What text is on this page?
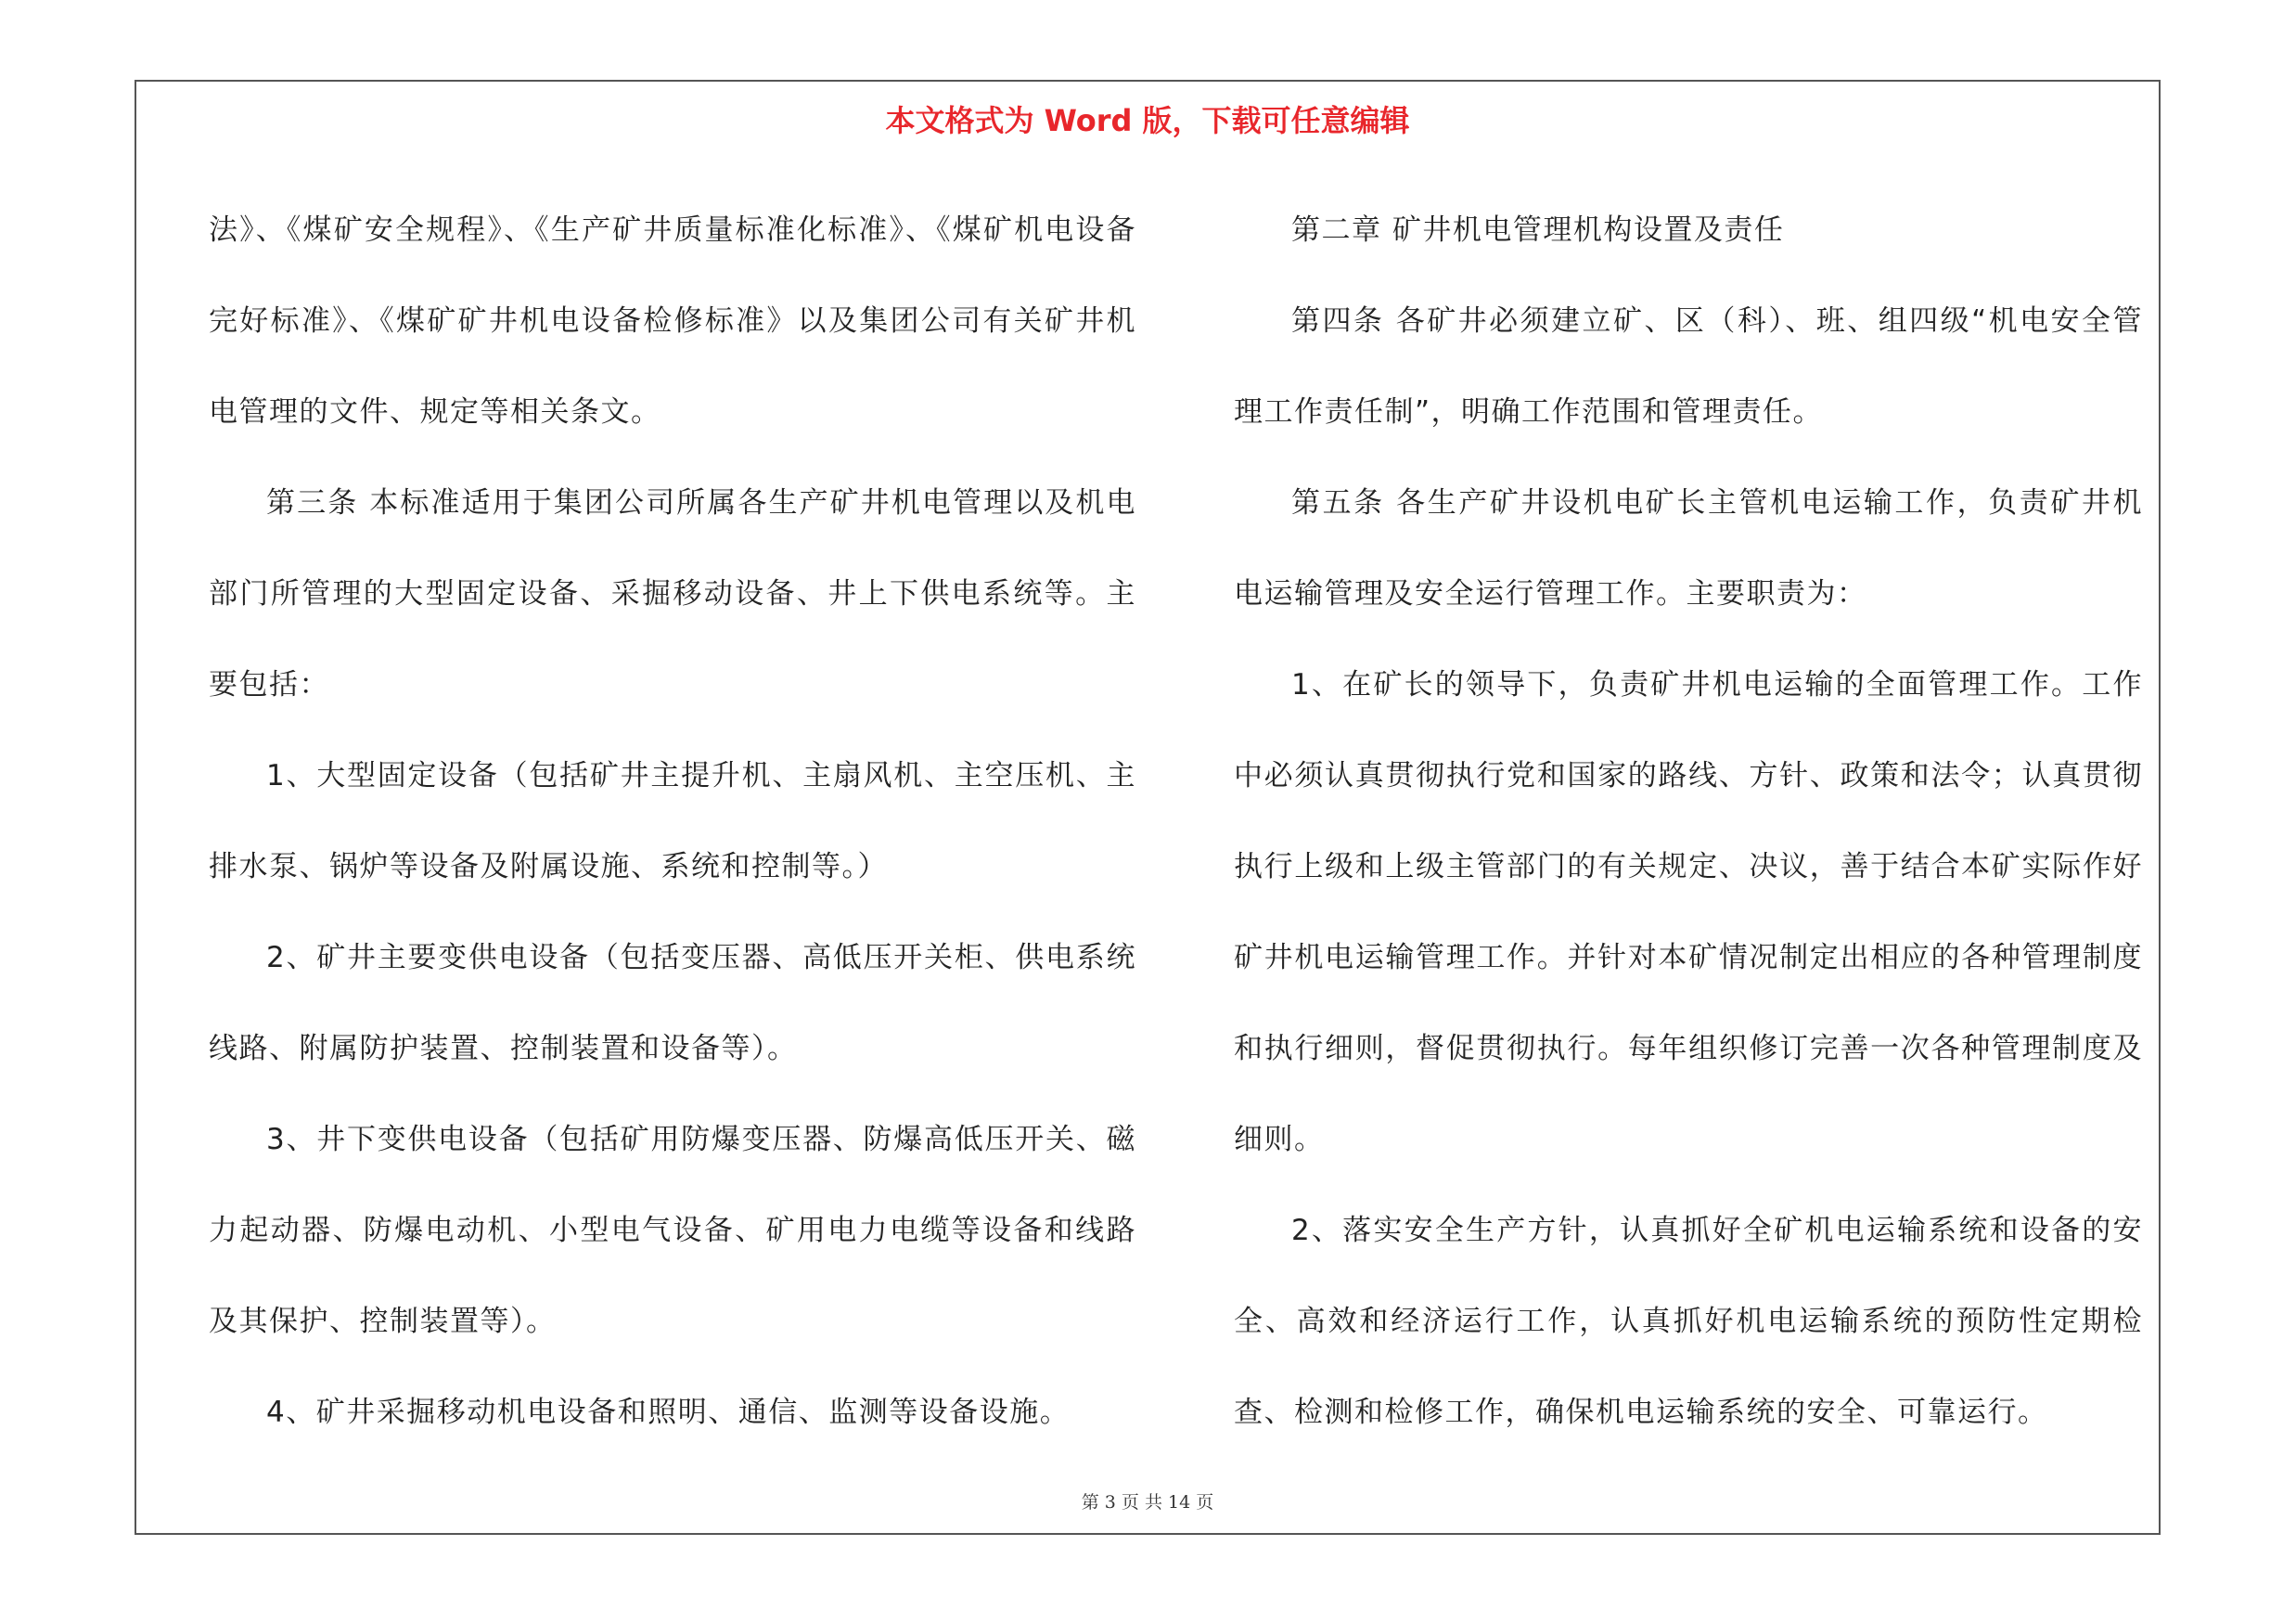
本文格式为 Word 版，下载可任意编辑

法》、《煤矿安全规程》、《生产矿井质量标准化标准》、《煤矿机电设备完好标准》、《煤矿矿井机电设备检修标准》以及集团公司有关矿井机电管理的文件、规定等相关条文。

第三条 本标准适用于集团公司所属各生产矿井机电管理以及机电部门所管理的大型固定设备、采掘移动设备、井上下供电系统等。主要包括：

1、大型固定设备（包括矿井主提升机、主扇风机、主空压机、主排水泵、锅炉等设备及附属设施、系统和控制等。）

2、矿井主要变供电设备（包括变压器、高低压开关柜、供电系统线路、附属防护装置、控制装置和设备等）。

3、井下变供电设备（包括矿用防爆变压器、防爆高低压开关、磁力起动器、防爆电动机、小型电气设备、矿用电力电缆等设备和线路及其保护、控制装置等）。

4、矿井采掘移动机电设备和照明、通信、监测等设备设施。

第二章 矿井机电管理机构设置及责任

第四条 各矿井必须建立矿、区（科）、班、组四级“机电安全管理工作责任制”，明确工作范围和管理责任。

第五条 各生产矿井设机电矿长主管机电运输工作，负责矿井机电运输管理及安全运行管理工作。主要职责为：

1、在矿长的领导下，负责矿井机电运输的全面管理工作。工作中必须认真贯彻执行党和国家的路线、方针、政策和法令；认真贯彻执行上级和上级主管部门的有关规定、决议，善于结合本矿实际作好矿井机电运输管理工作。并针对本矿情况制定出相应的各种管理制度和执行细则，督促贯彻执行。每年组织修订完善一次各种管理制度及细则。

2、落实安全生产方针，认真抓好全矿机电运输系统和设备的安全、高效和经济运行工作，认真抓好机电运输系统的预防性定期检查、检测和检修工作，确保机电运输系统的安全、可靠运行。

第 3 页 共 14 页
